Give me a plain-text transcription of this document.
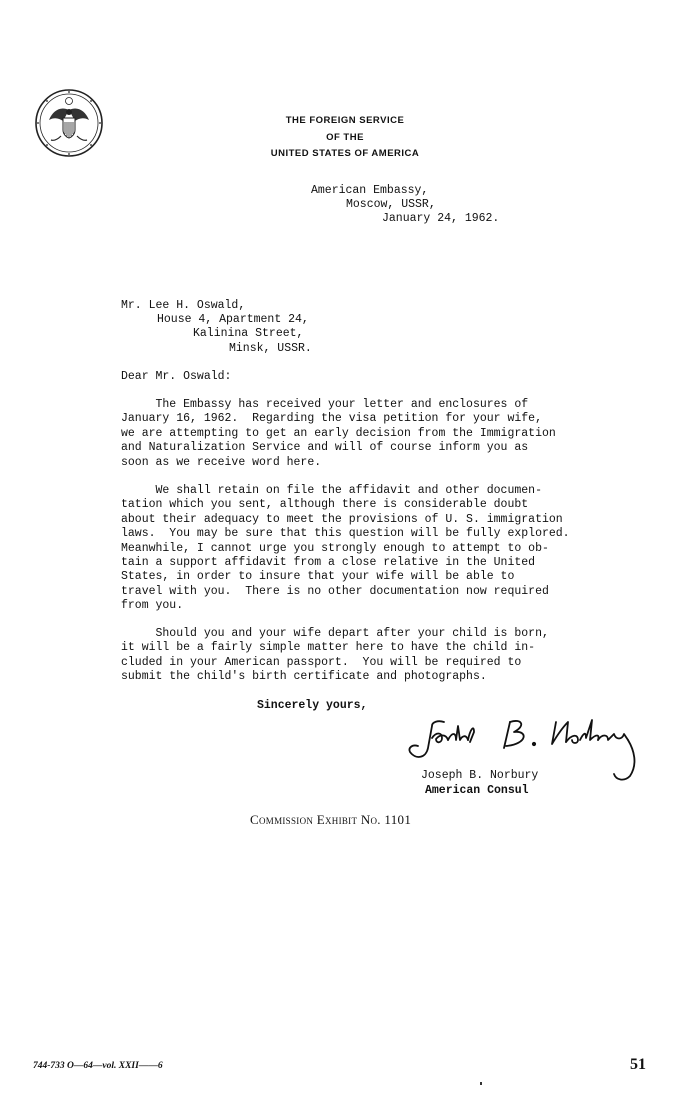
THE FOREIGN SERVICE
OF THE
UNITED STATES OF AMERICA
American Embassy,
Moscow, USSR,
January 24, 1962.
Mr. Lee H. Oswald,
House 4, Apartment 24,
Kalinina Street,
Minsk, USSR.
Dear Mr. Oswald:
The Embassy has received your letter and enclosures of
January 16, 1962.  Regarding the visa petition for your wife,
we are attempting to get an early decision from the Immigration
and Naturalization Service and will of course inform you as
soon as we receive word here.
We shall retain on file the affidavit and other documen-
tation which you sent, although there is considerable doubt
about their adequacy to meet the provisions of U. S. immigration
laws.  You may be sure that this question will be fully explored.
Meanwhile, I cannot urge you strongly enough to attempt to ob-
tain a support affidavit from a close relative in the United
States, in order to insure that your wife will be able to
travel with you.  There is no other documentation now required
from you.
Should you and your wife depart after your child is born,
it will be a fairly simple matter here to have the child in-
cluded in your American passport.  You will be required to
submit the child's birth certificate and photographs.
Sincerely yours,
Joseph B. Norbury
American Consul
Commission Exhibit No. 1101
744-733 O—64—vol. XXII——6	51
